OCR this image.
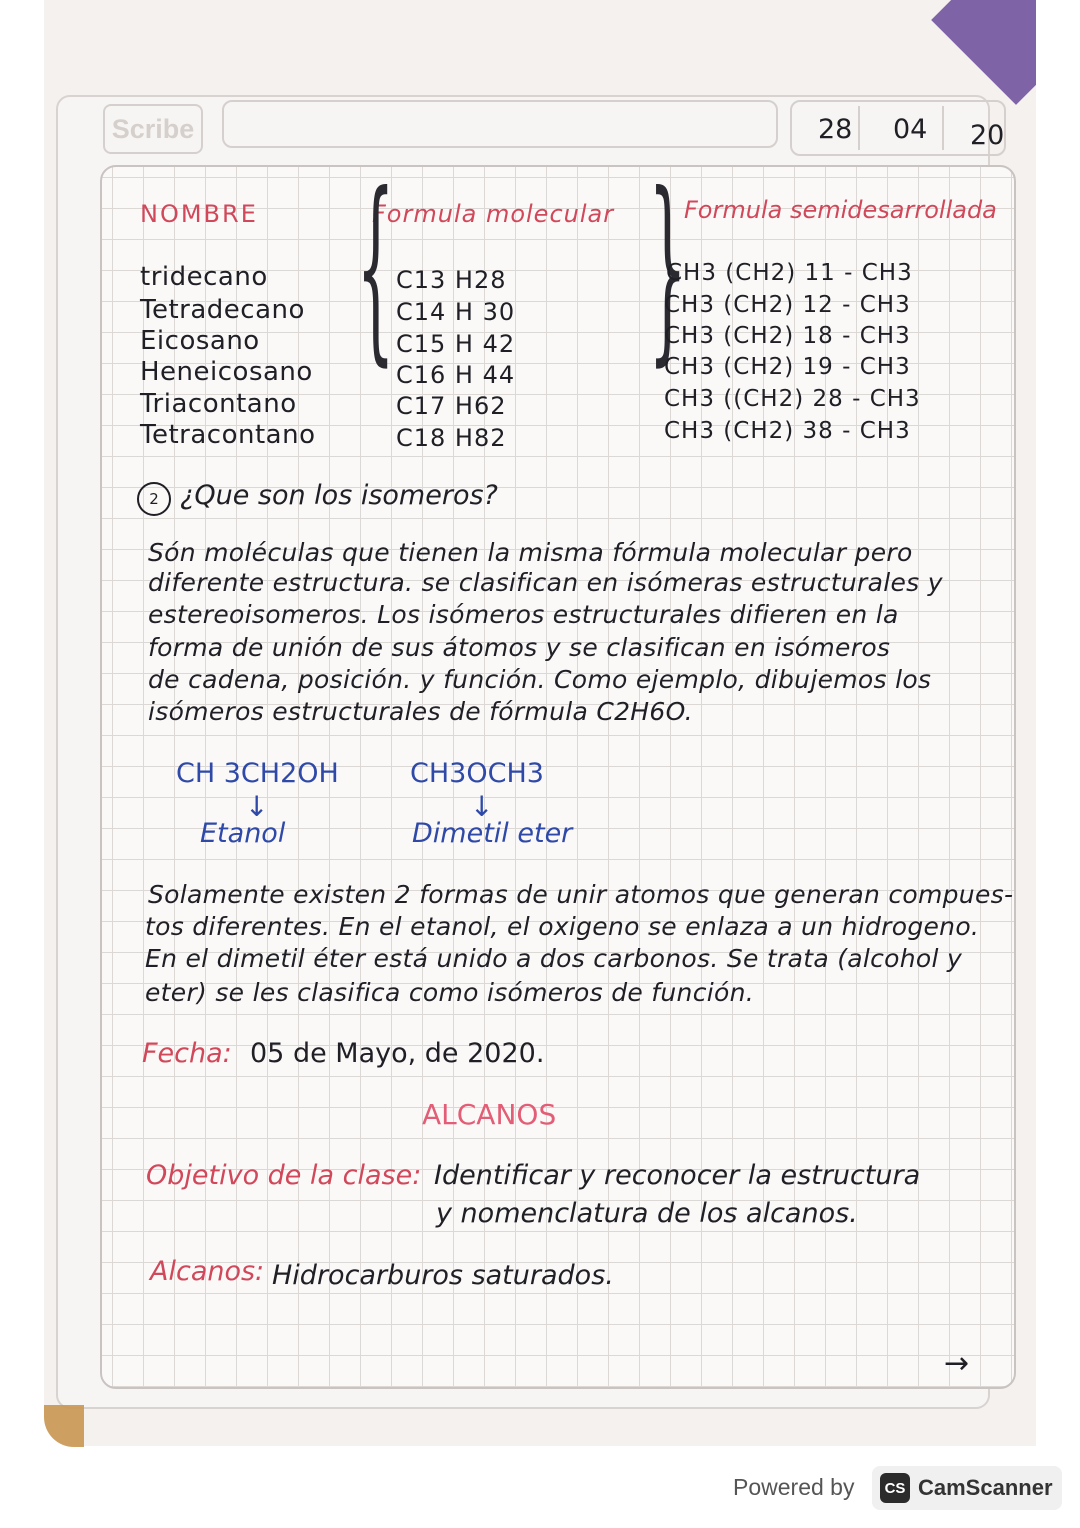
Scribe	28 04 20
NOMBRE	Formula molecular	Formula semidesarrollada
{ }
tridecano	C13 H28	CH3 (CH2) 11 - CH3
Tetradecano	C14 H 30	CH3 (CH2) 12 - CH3
Eicosano	C15 H 42	CH3 (CH2) 18 - CH3
Heneicosano	C16 H 44	CH3 (CH2) 19 - CH3
Triacontano	C17 H62	CH3 ((CH2) 28 - CH3
Tetracontano	C18 H82	CH3 (CH2) 38 - CH3
2 ¿Que son los isomeros?
Són moléculas que tienen la misma fórmula molecular pero
diferente estructura. se clasifican en isómeras estructurales y
estereoisomeros. Los isómeros estructurales difieren en la
forma de unión de sus átomos y se clasifican en isómeros
de cadena, posición. y función. Como ejemplo, dibujemos los
isómeros estructurales de fórmula C2H6O.
CH 3CH2OH
↓
Etanol
CH3OCH3
↓
Dimetil eter
Solamente existen 2 formas de unir atomos que generan compues-
tos diferentes. En el etanol, el oxigeno se enlaza a un hidrogeno.
En el dimetil éter está unido a dos carbonos. Se trata (alcohol y
eter) se les clasifica como isómeros de función.
Fecha: 05 de Mayo, de 2020.
ALCANOS
Objetivo de la clase: Identificar y reconocer la estructura
y nomenclatura de los alcanos.
Alcanos: Hidrocarburos saturados.
→
Powered by	CS CamScanner
